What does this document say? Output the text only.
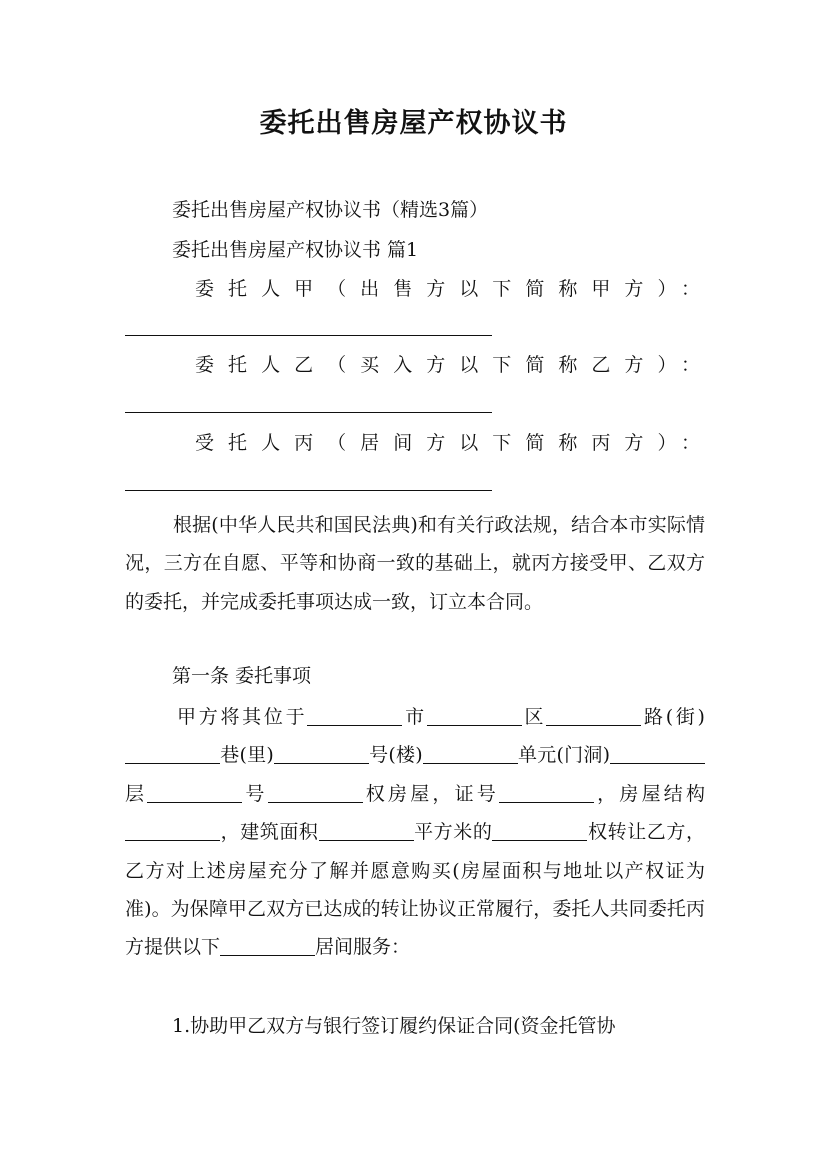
委托出售房屋产权协议书
委托出售房屋产权协议书（精选3篇）
委托出售房屋产权协议书 篇1
委托人甲（出售方以下简称甲方）：
委托人乙（买入方以下简称乙方）：
受托人丙（居间方以下简称丙方）：
根据(中华人民共和国民法典)和有关行政法规，结合本市实际情况，三方在自愿、平等和协商一致的基础上，就丙方接受甲、乙双方的委托，并完成委托事项达成一致，订立本合同。
第一条 委托事项
甲方将其位于	市	区	路(街)巷(里)	号(楼)	单元(门洞)层	号	权房屋，证号	，房屋结构，建筑面积	平方米的	权转让乙方，乙方对上述房屋充分了解并愿意购买(房屋面积与地址以产权证为准)。为保障甲乙双方已达成的转让协议正常履行，委托人共同委托丙方提供以下	居间服务：
1.协助甲乙双方与银行签订履约保证合同(资金托管协
